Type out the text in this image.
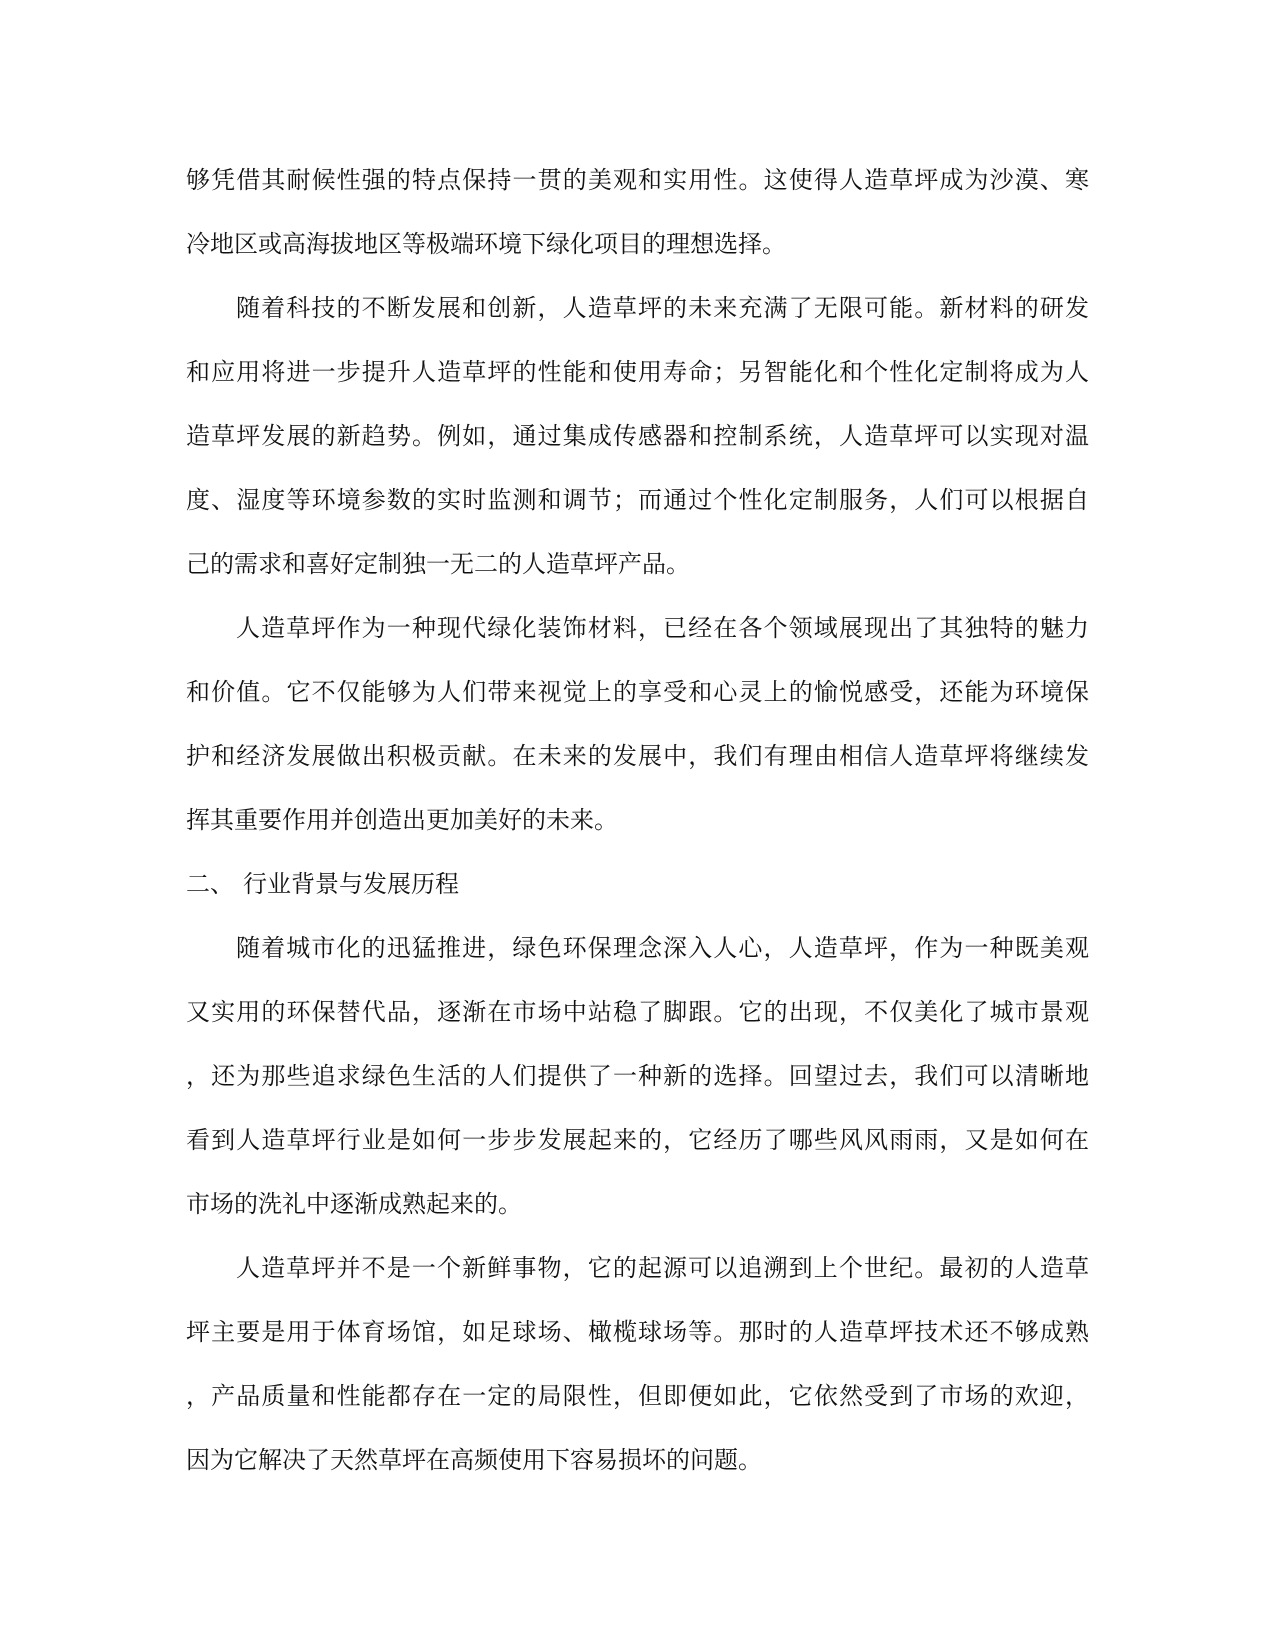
够凭借其耐候性强的特点保持一贯的美观和实用性。这使得人造草坪成为沙漠、寒
冷地区或高海拔地区等极端环境下绿化项目的理想选择。
随着科技的不断发展和创新，人造草坪的未来充满了无限可能。新材料的研发
和应用将进一步提升人造草坪的性能和使用寿命；另智能化和个性化定制将成为人
造草坪发展的新趋势。例如，通过集成传感器和控制系统，人造草坪可以实现对温
度、湿度等环境参数的实时监测和调节；而通过个性化定制服务，人们可以根据自
己的需求和喜好定制独一无二的人造草坪产品。
人造草坪作为一种现代绿化装饰材料，已经在各个领域展现出了其独特的魅力
和价值。它不仅能够为人们带来视觉上的享受和心灵上的愉悦感受，还能为环境保
护和经济发展做出积极贡献。在未来的发展中，我们有理由相信人造草坪将继续发
挥其重要作用并创造出更加美好的未来。
二、 行业背景与发展历程
随着城市化的迅猛推进，绿色环保理念深入人心，人造草坪，作为一种既美观
又实用的环保替代品，逐渐在市场中站稳了脚跟。它的出现，不仅美化了城市景观
，还为那些追求绿色生活的人们提供了一种新的选择。回望过去，我们可以清晰地
看到人造草坪行业是如何一步步发展起来的，它经历了哪些风风雨雨，又是如何在
市场的洗礼中逐渐成熟起来的。
人造草坪并不是一个新鲜事物，它的起源可以追溯到上个世纪。最初的人造草
坪主要是用于体育场馆，如足球场、橄榄球场等。那时的人造草坪技术还不够成熟
，产品质量和性能都存在一定的局限性，但即便如此，它依然受到了市场的欢迎，
因为它解决了天然草坪在高频使用下容易损坏的问题。
